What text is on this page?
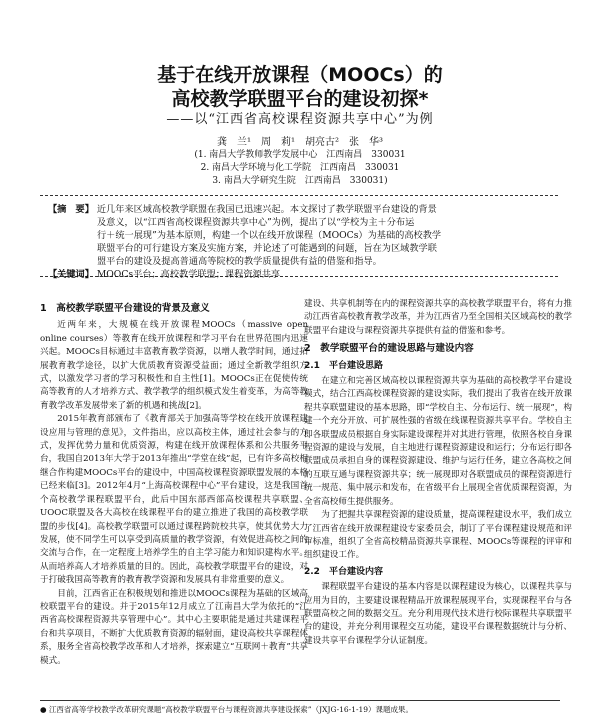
基于在线开放课程（MOOCs）的
高校教学联盟平台的建设初探*
——以“江西省高校课程资源共享中心”为例
龚　兰¹　周　莉¹　胡亮古²　张　华³
(1. 南昌大学教师教学发展中心　江西南昌　330031
2. 南昌大学环境与化工学院　江西南昌　330031
3. 南昌大学研究生院　江西南昌　330031)
【摘　要】 近几年来区域高校教学联盟在我国已迅速兴起。本文探讨了教学联盟平台建设的背景
及意义，以“江西省高校课程资源共享中心”为例，提出了以“学校为主＋分布运
行＋统一展现”为基本原则，构建一个以在线开放课程（MOOCs）为基础的高校教学
联盟平台的可行建设方案及实施方案，并论述了可能遇到的问题，旨在为区域教学联
盟平台的建设及提高普通高等院校的教学质量提供有益的借鉴和指导。
【关键词】 MOOCs平台；高校教学联盟；课程资源共享
1　高校教学联盟平台建设的背景及意义

近两年来，大规模在线开放课程MOOCs（massive open online courses）等教育在线开放课程和学习平台在世界范围内迅速兴起。MOOCs目标通过丰富教育教学资源，以增人教学时间，通过拓展教育教学途径，以扩大优质教育资源受益面；通过全新教学组织方式，以激发学习者的学习积极性和自主性[1]。MOOCs正在促使传统高等教育的人才培养方式、教学教学的组织模式发生着变革，为高等教育教学改革发展带来了新的机遇和挑战[2]。

2015年教育部颁布了《教育部关于加强高等学校在线开放课程建设应用与管理的意见》，文件指出，应以高校主体，通过社会参与的方式，发挥优势力量和优质资源，构建在线开放课程体系和公共服务平台，我国自2013年大学于2013年推出“学堂在线”起，已有许多高校相继合作构建MOOCs平台的建设中，中国高校课程资源联盟发展的本格已经来临[3]。2012年4月“上海高校课程中心”平台建设，这是我国首个高校教学课程联盟平台，此后中国东部西部高校课程共享联盟、UOOC联盟及各大高校在线课程平台的建立推进了我国的高校教学联盟的步伐[4]。高校教学联盟可以通过课程跨院校共享，使其优势大力发展，使不同学生可以享受到高质量的教学资源，有效促进高校之间的交流与合作，在一定程度上培养学生的自主学习能力和知识建构水平。从而培养高人才培养质量的目的。因此，高校教学联盟平台的建设，对于打破我国高等教育的教育教学资源和发展具有非常重要的意义。

目前，江西省正在积极规划和推进以MOOCs课程为基础的区域高校联盟平台的建设。并于2015年12月成立了江南昌大学为依托的“江西省高校课程资源共享管理中心”。其中心主要职能是通过共建课程平台和共享项目，不断扩大优质教育资源的辐射面，建设高校共享课程体系，服务全省高校教学改革和人才培养，探索建立“互联网＋教育”共享模式。

建设、共享机制等在内的课程资源共享的高校教学联盟平台，将有力推动江西省高校教育教学改革，并为江西省乃至全国相关区域高校的教学联盟平台建设与课程资源共享提供有益的借鉴和参考。

2　教学联盟平台的建设思路与建设内容
2.1　平台建设思路

在建立和完善区域高校以课程资源共享为基础的高校教学平台建设模式，结合江西高校课程资源的建设实际，我们提出了我省在线开放课程共享联盟建设的基本思路，即“学校自主、分布运行、统一展现”，构建一个充分开放、可扩展性强的省级在线课程资源共享平台。学校自主即各联盟成员根据自身实际建设课程并对其进行管理，依照各校自身课程资源的建设与发展，自主地进行课程资源建设和运行；分布运行即各联盟成员承担自身的课程资源建设、维护与运行任务，建立各高校之间的互联互通与课程资源共享；统一展现即对各联盟成员的课程资源进行统一规范、集中展示和发布，在省级平台上展现全省优质课程资源，为全省高校师生提供服务。

为了把握共享课程资源的建设质量，提高课程建设水平，我们成立了江西省在线开放课程建设专家委员会，制订了平台课程建设规范和评审标准，组织了全省高校精品资源共享课程、MOOCs等课程的评审和组织建设工作。

2.2　平台建设内容

课程联盟平台建设的基本内容是以课程建设为核心，以课程共享与应用为目的，主要建设课程精品开放课程展现平台，实现课程平台与各联盟高校之间的数据交互。充分利用现代技术进行校际课程共享联盟平台的建设，并充分利用课程交互功能，建设平台课程数据统计与分析、建设共享平台课程学分认证制度。

● 江西省高等学校教学改革研究课题“高校教学联盟平台与课程资源共享建设探索”（JXJG-16-1-19）课题成果。
